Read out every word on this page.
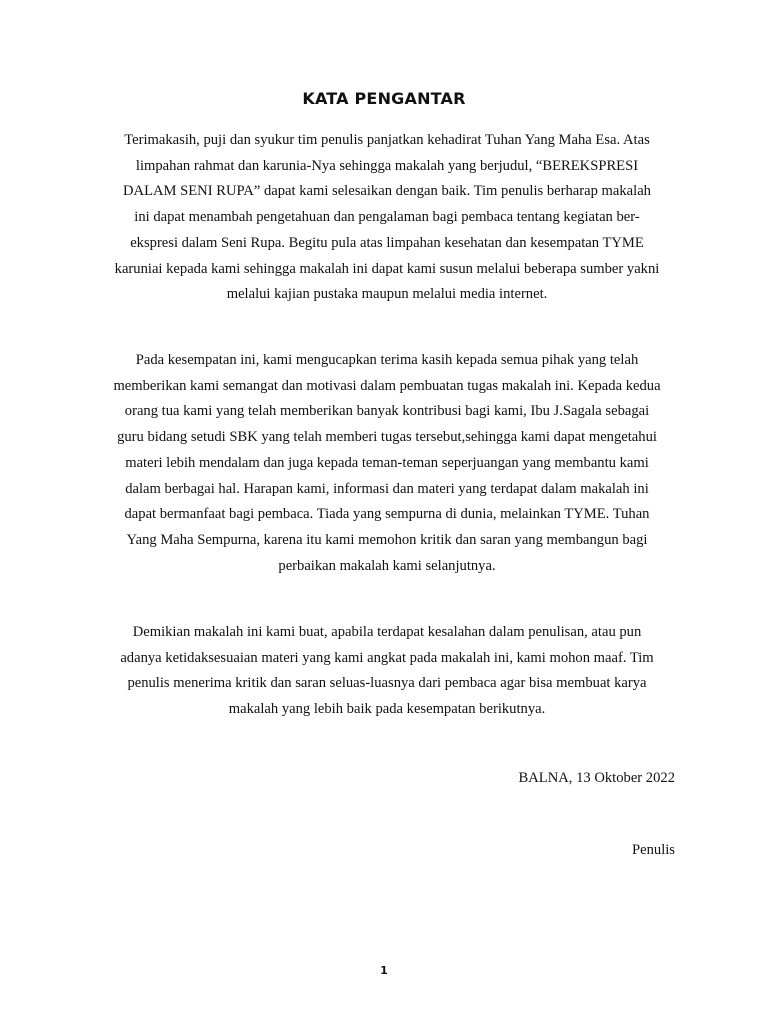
KATA PENGANTAR

Terimakasih, puji dan syukur tim penulis panjatkan kehadirat Tuhan Yang Maha Esa. Atas
limpahan rahmat dan karunia-Nya sehingga makalah yang berjudul, “BEREKSPRESI
DALAM SENI RUPA” dapat kami selesaikan dengan baik. Tim penulis berharap makalah
ini dapat menambah pengetahuan dan pengalaman bagi pembaca tentang kegiatan ber-
ekspresi dalam Seni Rupa. Begitu pula atas limpahan kesehatan dan kesempatan TYME
karuniai kepada kami sehingga makalah ini dapat kami susun melalui beberapa sumber yakni
melalui kajian pustaka maupun melalui media internet.

Pada kesempatan ini, kami mengucapkan terima kasih kepada semua pihak yang telah
memberikan kami semangat dan motivasi dalam pembuatan tugas makalah ini. Kepada kedua
orang tua kami yang telah memberikan banyak kontribusi bagi kami, Ibu J.Sagala sebagai
guru bidang setudi SBK yang telah memberi tugas tersebut,sehingga kami dapat mengetahui
materi lebih mendalam dan juga kepada teman-teman seperjuangan yang membantu kami
dalam berbagai hal. Harapan kami, informasi dan materi yang terdapat dalam makalah ini
dapat bermanfaat bagi pembaca. Tiada yang sempurna di dunia, melainkan TYME. Tuhan
Yang Maha Sempurna, karena itu kami memohon kritik dan saran yang membangun bagi
perbaikan makalah kami selanjutnya.

Demikian makalah ini kami buat, apabila terdapat kesalahan dalam penulisan, atau pun
adanya ketidaksesuaian materi yang kami angkat pada makalah ini, kami mohon maaf. Tim
penulis menerima kritik dan saran seluas-luasnya dari pembaca agar bisa membuat karya
makalah yang lebih baik pada kesempatan berikutnya.

BALNA, 13 Oktober 2022
Penulis
1
